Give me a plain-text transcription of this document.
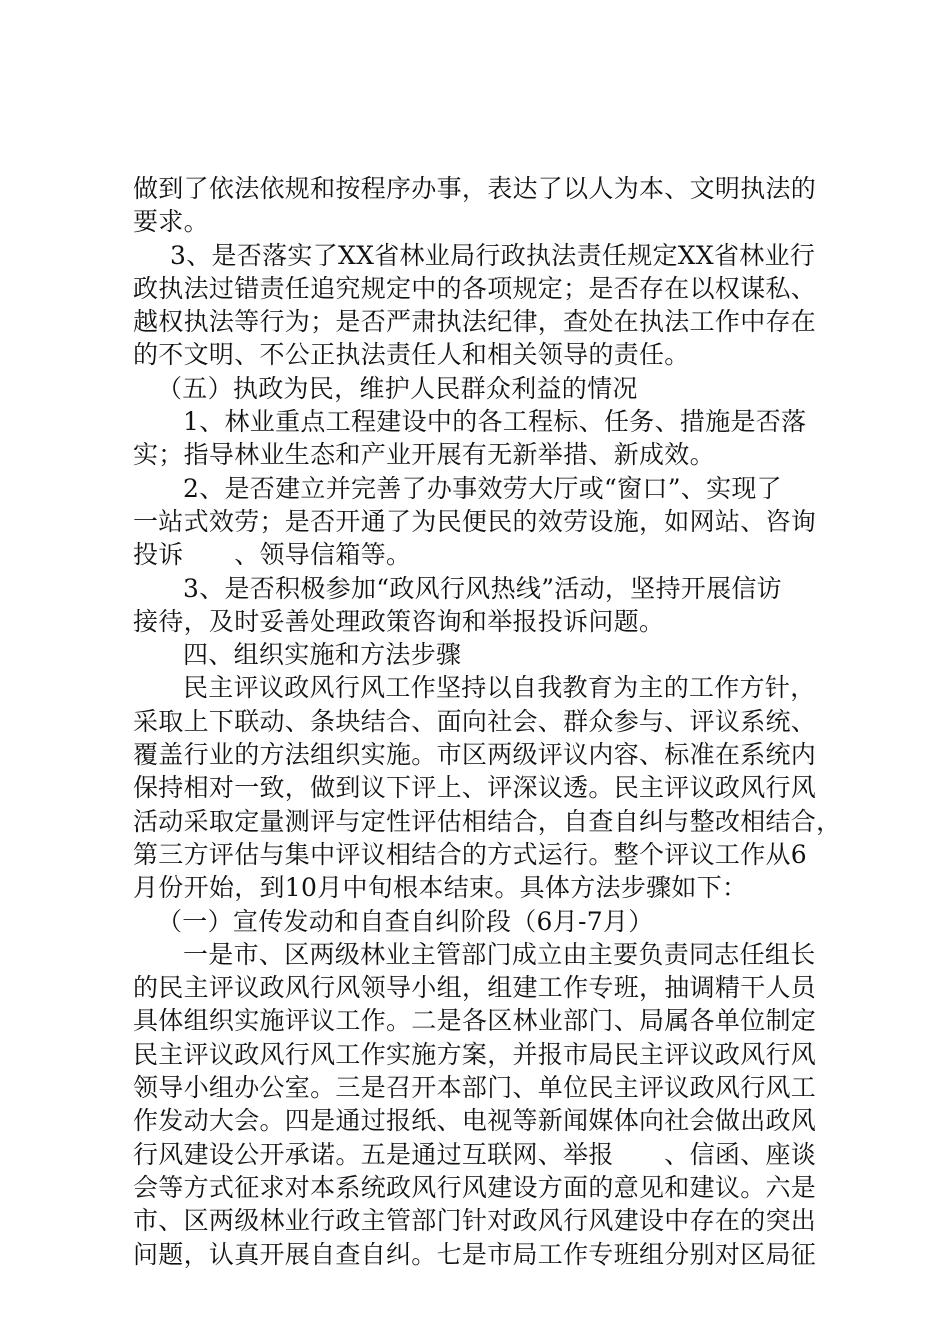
做到了依法依规和按程序办事，表达了以人为本、文明执法的
要求。
3、是否落实了XX省林业局行政执法责任规定XX省林业行
政执法过错责任追究规定中的各项规定；是否存在以权谋私、
越权执法等行为；是否严肃执法纪律，查处在执法工作中存在
的不文明、不公正执法责任人和相关领导的责任。
（五）执政为民，维护人民群众利益的情况
1、林业重点工程建设中的各工程标、任务、措施是否落
实；指导林业生态和产业开展有无新举措、新成效。
2、是否建立并完善了办事效劳大厅或“窗口”、实现了
一站式效劳；是否开通了为民便民的效劳设施，如网站、咨询
投诉　　、领导信箱等。
3、是否积极参加“政风行风热线”活动，坚持开展信访
接待，及时妥善处理政策咨询和举报投诉问题。
四、组织实施和方法步骤
民主评议政风行风工作坚持以自我教育为主的工作方针，
采取上下联动、条块结合、面向社会、群众参与、评议系统、
覆盖行业的方法组织实施。市区两级评议内容、标准在系统内
保持相对一致，做到议下评上、评深议透。民主评议政风行风
活动采取定量测评与定性评估相结合，自查自纠与整改相结合，
第三方评估与集中评议相结合的方式运行。整个评议工作从6
月份开始，到10月中旬根本结束。具体方法步骤如下：
（一）宣传发动和自查自纠阶段（6月-7月）
一是市、区两级林业主管部门成立由主要负责同志任组长
的民主评议政风行风领导小组，组建工作专班，抽调精干人员
具体组织实施评议工作。二是各区林业部门、局属各单位制定
民主评议政风行风工作实施方案，并报市局民主评议政风行风
领导小组办公室。三是召开本部门、单位民主评议政风行风工
作发动大会。四是通过报纸、电视等新闻媒体向社会做出政风
行风建设公开承诺。五是通过互联网、举报　　、信函、座谈
会等方式征求对本系统政风行风建设方面的意见和建议。六是
市、区两级林业行政主管部门针对政风行风建设中存在的突出
问题，认真开展自查自纠。七是市局工作专班组分别对区局征
